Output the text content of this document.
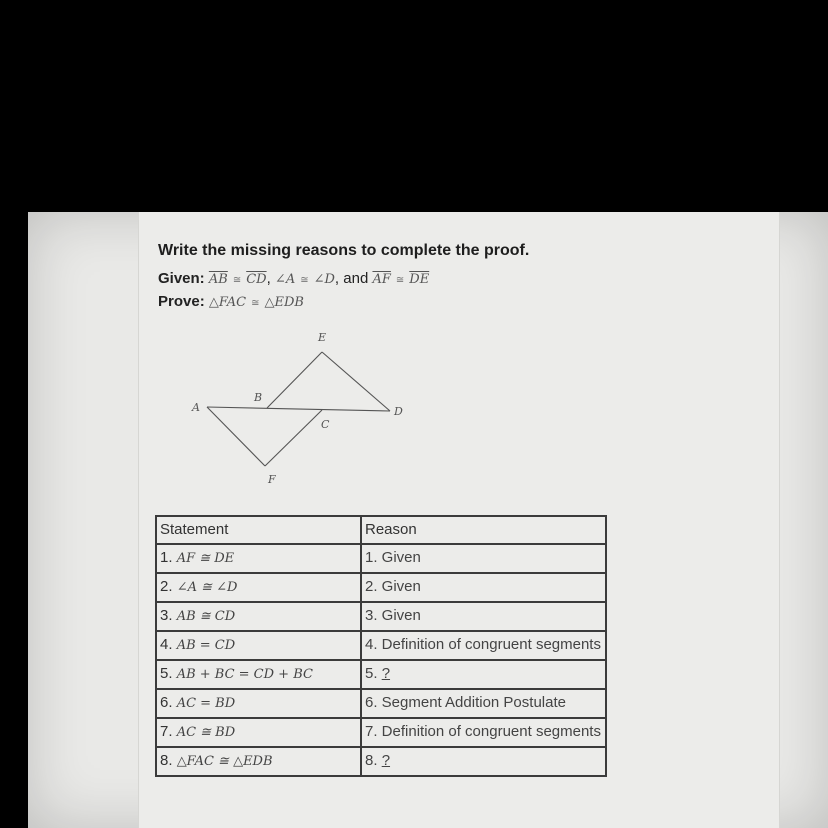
Write the missing reasons to complete the proof.
Given: $\overline{AB}$ ≅ $\overline{CD}$, ∠A ≅ ∠D, and $\overline{AF}$ ≅ $\overline{DE}$
Prove: △FAC ≅ △EDB
E
A
B
D
C
F
Statement	Reason
1. AF ≅ DE	1. Given
2. ∠A ≅ ∠D	2. Given
3. AB ≅ CD	3. Given
4. AB = CD	4. Definition of congruent segments
5. AB + BC = CD + BC	5. ?
6. AC = BD	6. Segment Addition Postulate
7. AC ≅ BD	7. Definition of congruent segments
8. △FAC ≅ △EDB	8. ?
